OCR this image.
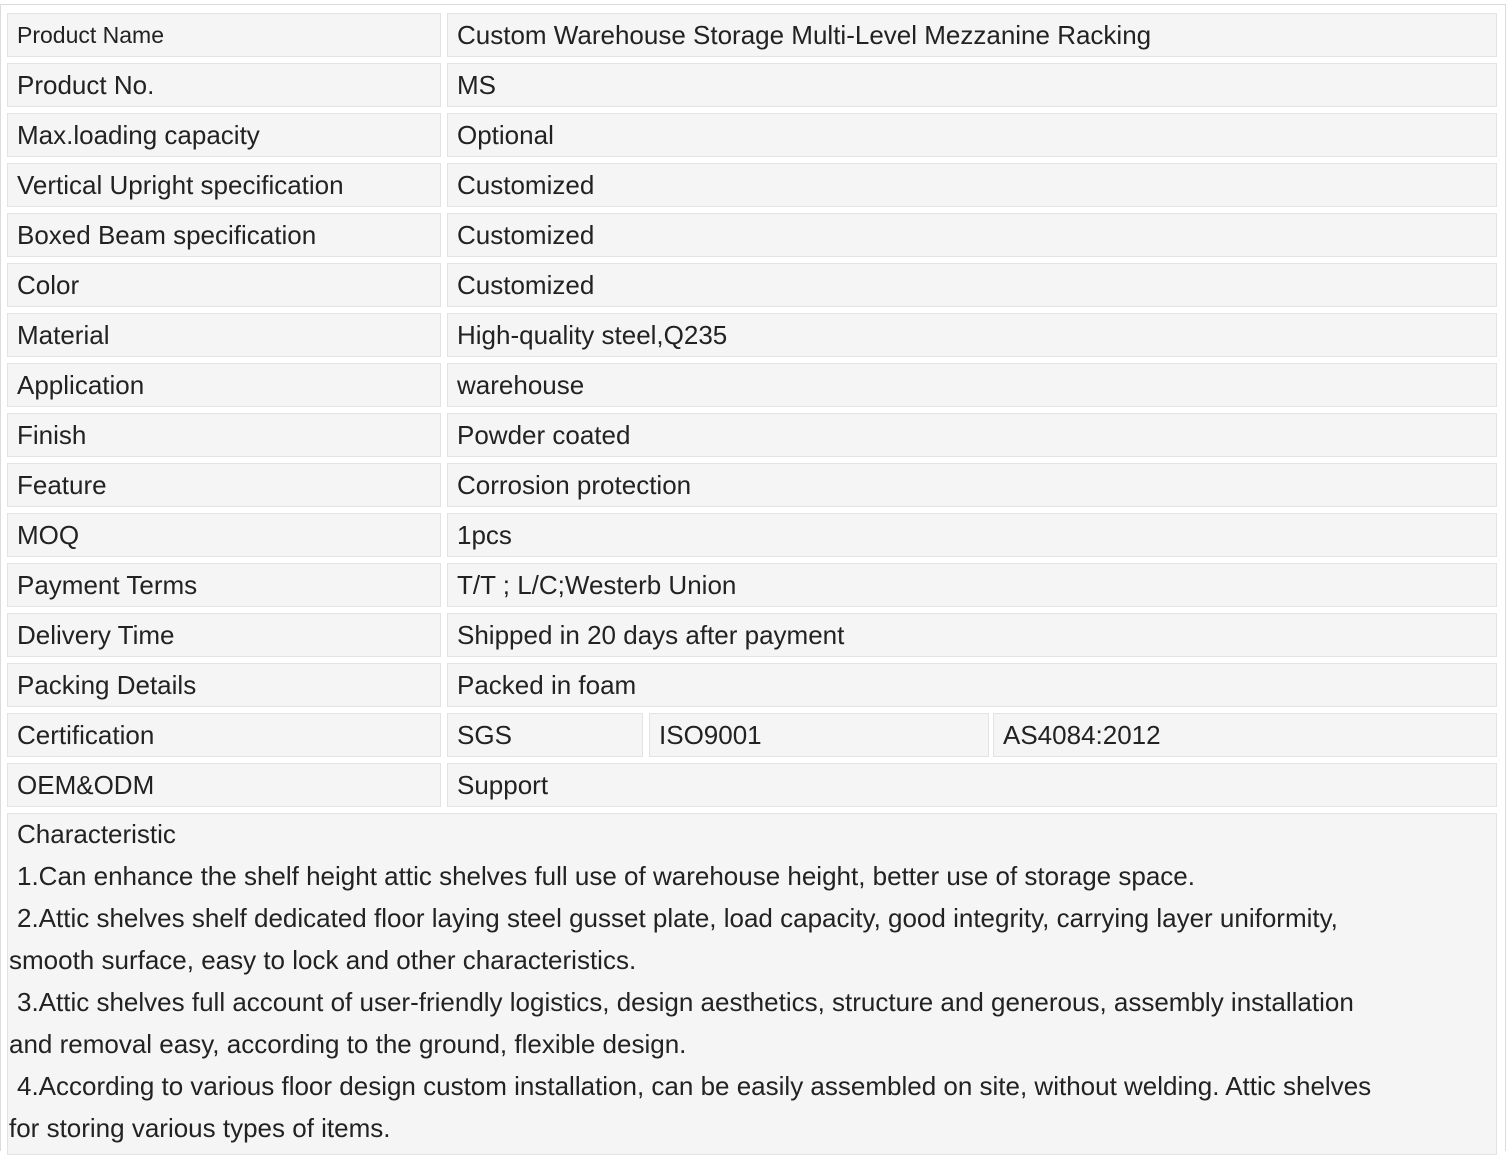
Product Name	Custom Warehouse Storage Multi-Level Mezzanine Racking
Product No.	MS
Max.loading capacity	Optional
Vertical Upright specification	Customized
Boxed Beam specification	Customized
Color	Customized
Material	High-quality steel,Q235
Application	warehouse
Finish	Powder coated
Feature	Corrosion protection
MOQ	1pcs
Payment Terms	T/T ; L/C;Westerb Union
Delivery Time	Shipped in 20 days after payment
Packing Details	Packed in foam
Certification	SGS	ISO9001	AS4084:2012
OEM&ODM	Support
Characteristic
1.Can enhance the shelf height attic shelves full use of warehouse height, better use of storage space.
2.Attic shelves shelf dedicated floor laying steel gusset plate, load capacity, good integrity, carrying layer uniformity,
smooth surface, easy to lock and other characteristics.
3.Attic shelves full account of user-friendly logistics, design aesthetics, structure and generous, assembly installation
and removal easy, according to the ground, flexible design.
4.According to various floor design custom installation, can be easily assembled on site, without welding. Attic shelves
for storing various types of items.
